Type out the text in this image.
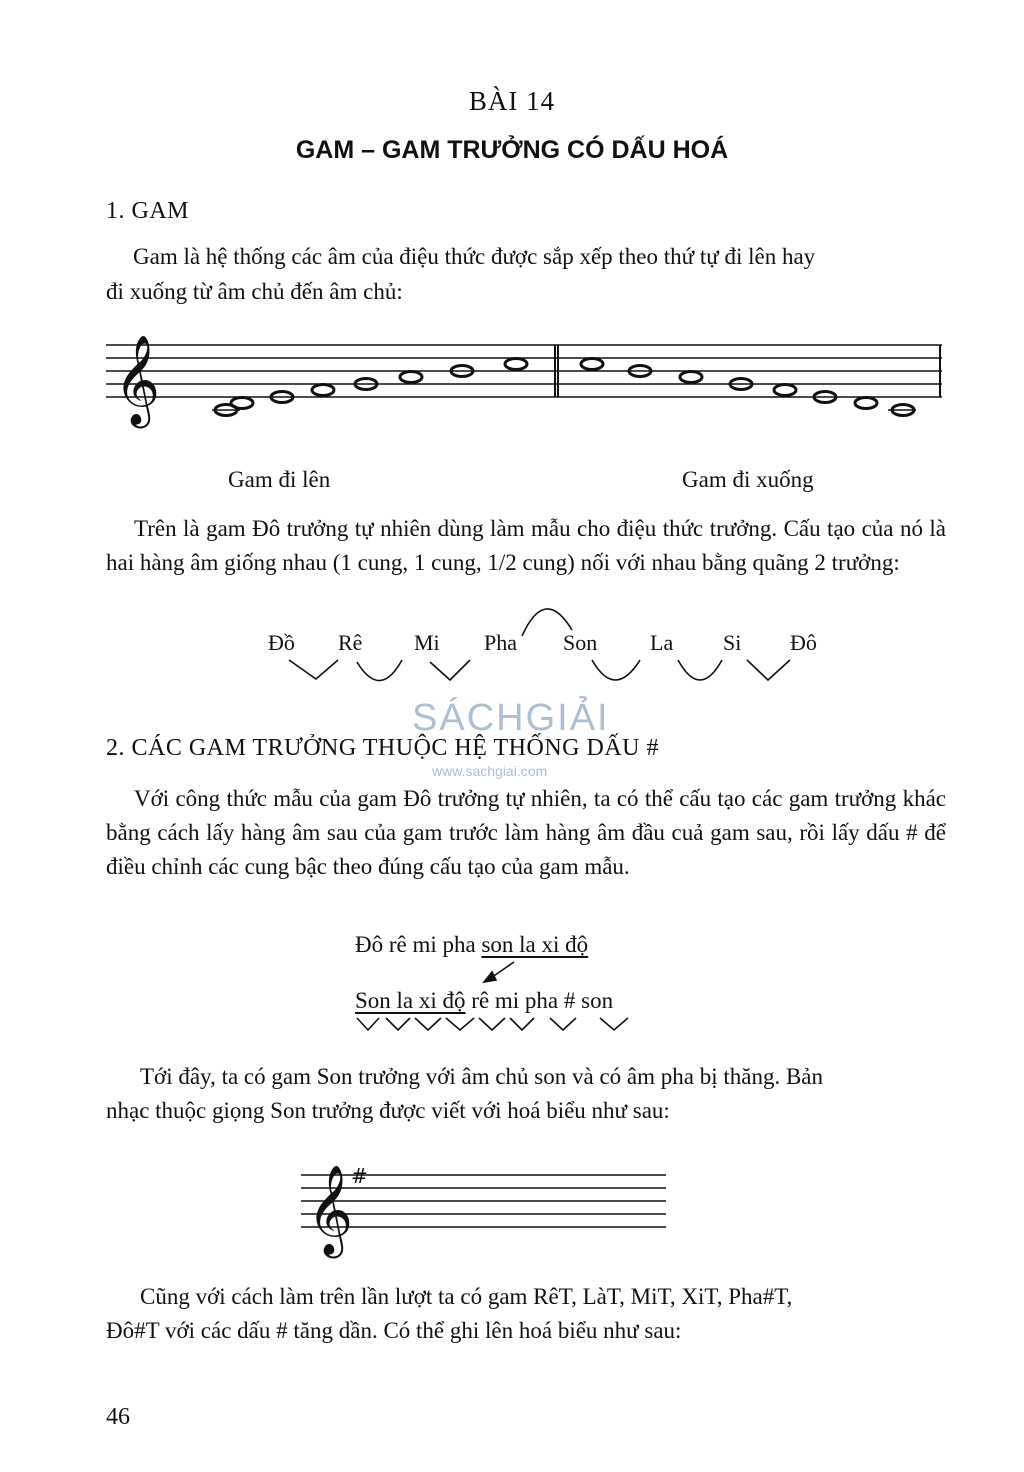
BÀI 14
GAM – GAM TRƯỞNG CÓ DẤU HOÁ
1. GAM
Gam là hệ thống các âm của điệu thức được sắp xếp theo thứ tự đi lên hay
đi xuống từ âm chủ đến âm chủ:
𝄞
Gam đi lên	Gam đi xuống
Trên là gam Đô trưởng tự nhiên dùng làm mẫu cho điệu thức trưởng. Cấu tạo của nó là hai hàng âm giống nhau (1 cung, 1 cung, 1/2 cung) nối với nhau bằng quãng 2 trưởng:
Đồ Rê Mi Pha Son La Si Đô
SÁCHGIẢI
www.sachgiai.com
2. CÁC GAM TRƯỞNG THUỘC HỆ THỐNG DẤU #
Với công thức mẫu của gam Đô trưởng tự nhiên, ta có thể cấu tạo các gam trưởng khác bằng cách lấy hàng âm sau của gam trước làm hàng âm đầu cuả gam sau, rồi lấy dấu # để điều chỉnh các cung bậc theo đúng cấu tạo của gam mẫu.
Đô rê mi pha son la xi độ
Son la xi độ rê mi pha # son
Tới đây, ta có gam Son trưởng với âm chủ son và có âm pha bị thăng. Bản
nhạc thuộc giọng Son trưởng được viết với hoá biểu như sau:
𝄞
#
Cũng với cách làm trên lần lượt ta có gam RêT, LàT, MiT, XiT, Pha#T,
Đô#T với các dấu # tăng dần. Có thể ghi lên hoá biểu như sau:
46
